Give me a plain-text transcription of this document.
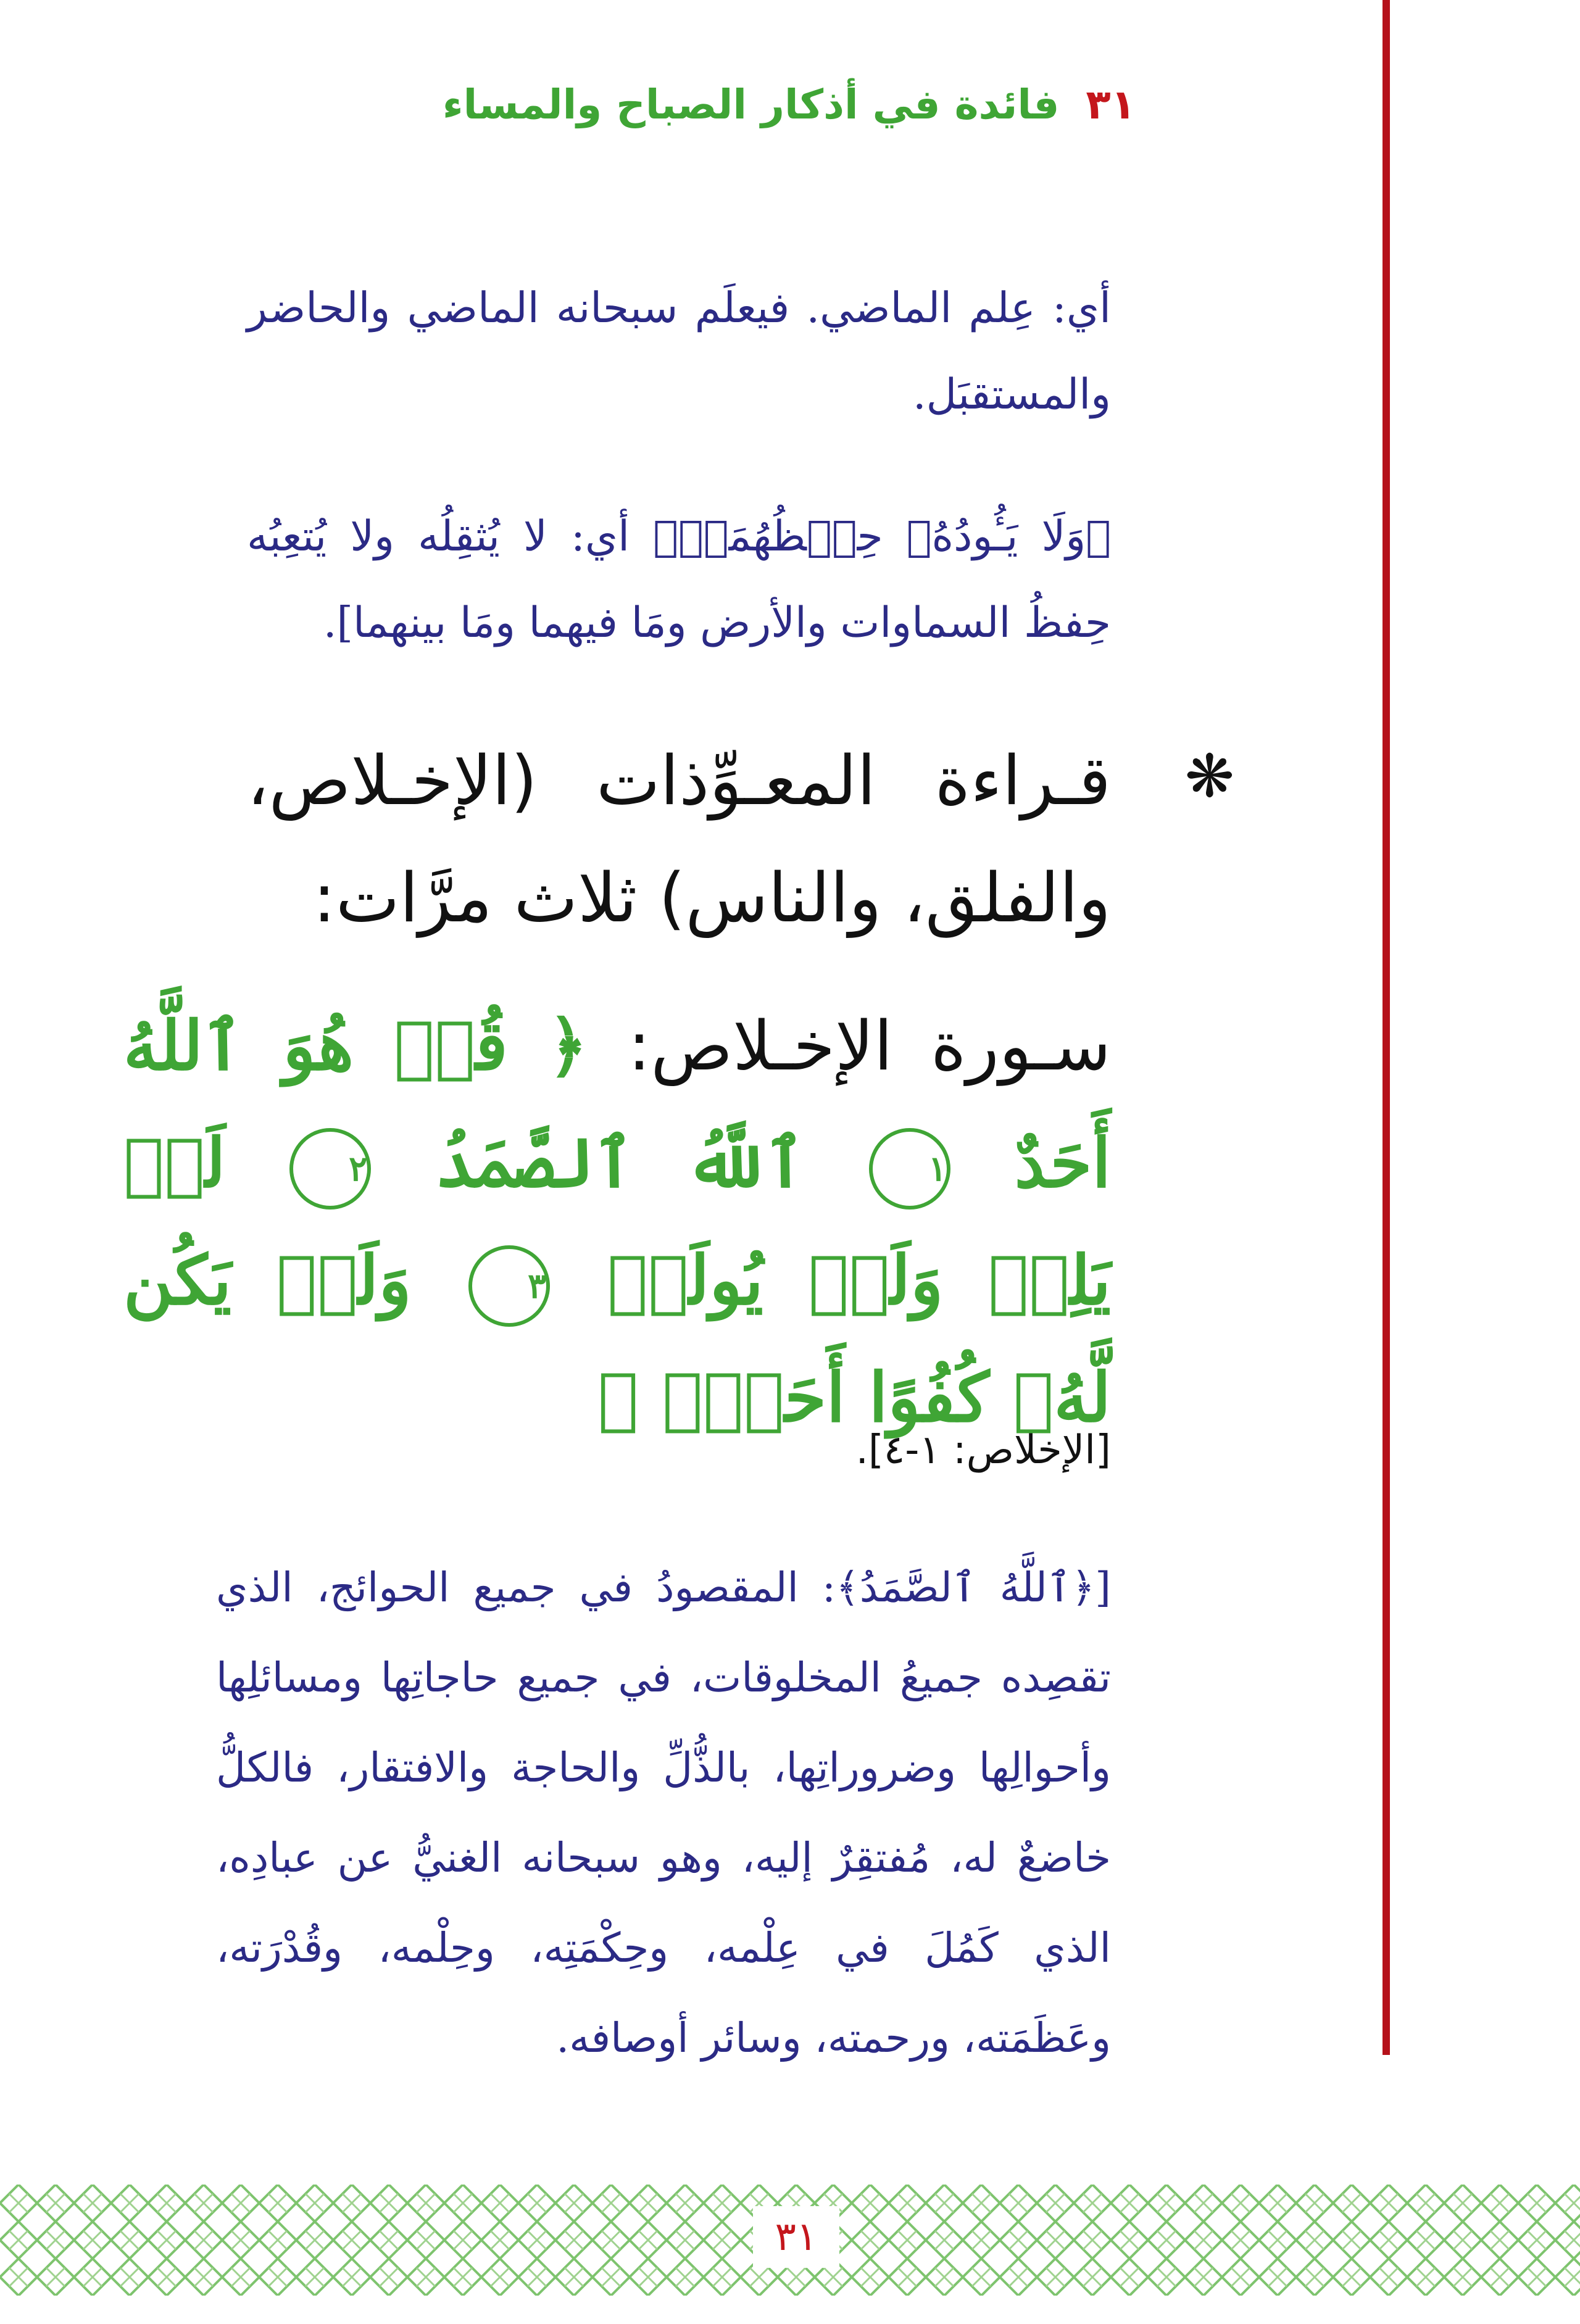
٣١ فائدة في أذكار الصباح والمساء
أي: عِلم الماضي. فيعلَم سبحانه الماضي والحاضر والمستقبَل.
﴿وَلَا يَـُٔودُهُۥ حِفۡظُهُمَاۚ﴾ أي: لا يُثقِلُه ولا يُتعِبُه حِفظُ السماوات والأرض ومَا فيهما ومَا بينهما].
❋
قـراءة المعـوِّذات (الإخـلاص، والفلق، والناس) ثلاث مرَّات:
سـورة الإخـلاص: ﴿ قُلۡ هُوَ ٱللَّهُ أَحَدٌ ١ ٱللَّهُ ٱلصَّمَدُ ٢ لَمۡ يَلِدۡ وَلَمۡ يُولَدۡ ٣ وَلَمۡ يَكُن لَّهُۥ كُفُوًا أَحَدُۢ ﴾
[الإخلاص: ١-٤].
[﴿ٱللَّهُ ٱلصَّمَدُ﴾: المقصودُ في جميع الحوائج، الذي تقصِده جميعُ المخلوقات، في جميع حاجاتِها ومسائلِها وأحوالِها وضروراتِها، بالذُّلِّ والحاجة والافتقار، فالكلُّ خاضعٌ له، مُفتقِرٌ إليه، وهو سبحانه الغنيُّ عن عبادِه، الذي كَمُلَ في عِلْمه، وحِكْمَتِه، وحِلْمه، وقُدْرَته، وعَظَمَته، ورحمته، وسائر أوصافه.
٣١
